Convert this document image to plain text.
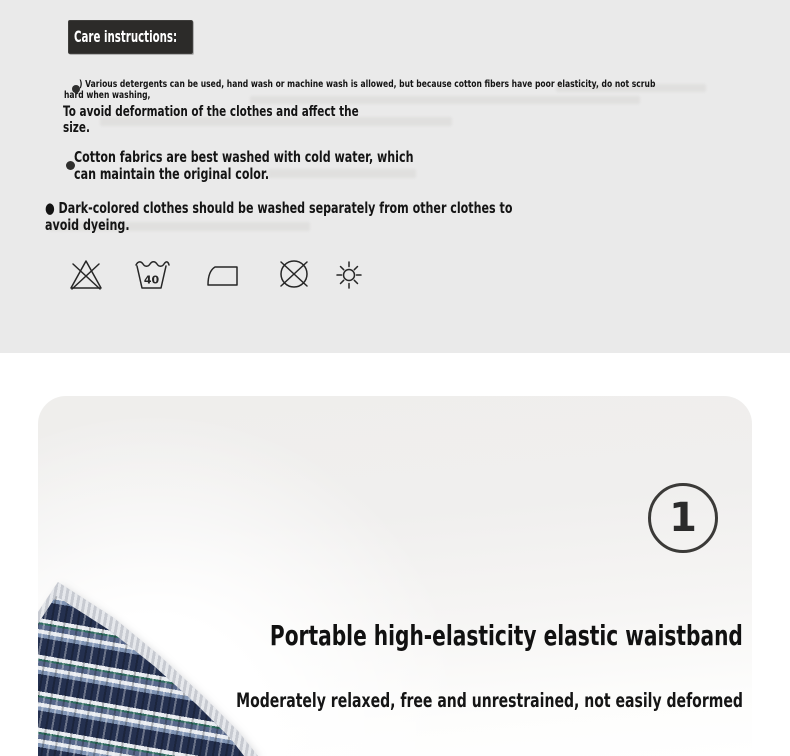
Care instructions:
) Various detergents can be used, hand wash or machine wash is allowed, but because cotton fibers have poor elasticity, do not scrub
hard when washing,
To avoid deformation of the clothes and affect the
size.
Cotton fabrics are best washed with cold water, which
can maintain the original color.
● Dark-colored clothes should be washed separately from other clothes to
avoid dyeing.
40
1
Portable high-elasticity elastic waistband
Moderately relaxed, free and unrestrained, not easily deformed
